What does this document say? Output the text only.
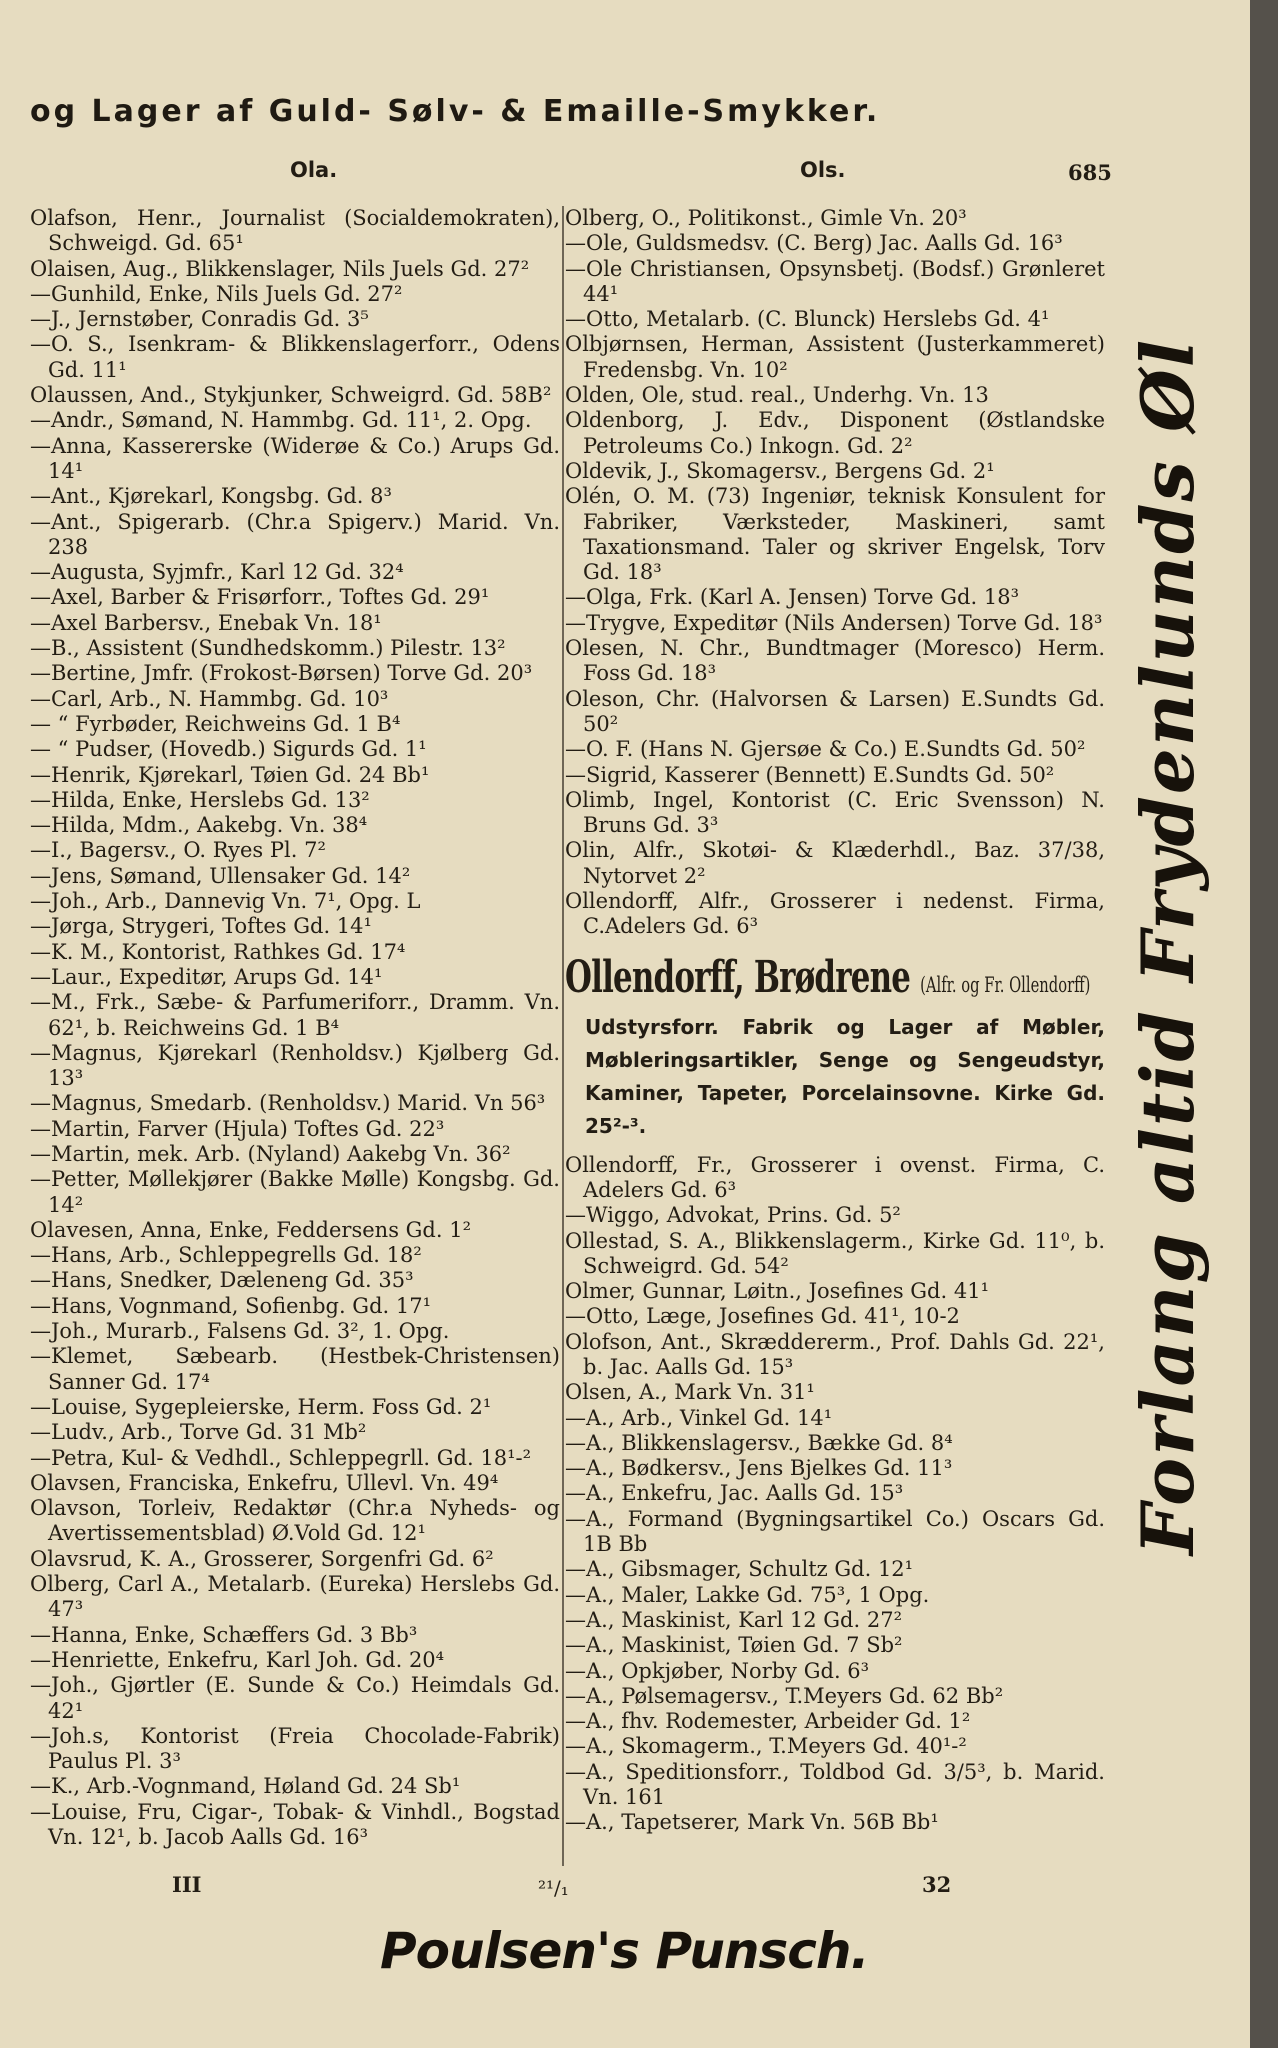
og Lager af Guld- Sølv- & Emaille-Smykker.
Ola.	Ols.	685
Olafson, Henr., Journalist (Socialdemokraten), Schweigd. Gd. 65¹
Olaisen, Aug., Blikkenslager, Nils Juels Gd. 27²
—Gunhild, Enke, Nils Juels Gd. 27²
—J., Jernstøber, Conradis Gd. 3⁵
—O. S., Isenkram- & Blikkenslagerforr., Odens Gd. 11¹
Olaussen, And., Stykjunker, Schweigrd. Gd. 58B²
—Andr., Sømand, N. Hammbg. Gd. 11¹, 2. Opg.
—Anna, Kassererske (Widerøe & Co.) Arups Gd. 14¹
—Ant., Kjørekarl, Kongsbg. Gd. 8³
—Ant., Spigerarb. (Chr.a Spigerv.) Marid. Vn. 238
—Augusta, Syjmfr., Karl 12 Gd. 32⁴
—Axel, Barber & Frisørforr., Toftes Gd. 29¹
—Axel Barbersv., Enebak Vn. 18¹
—B., Assistent (Sundhedskomm.) Pilestr. 13²
—Bertine, Jmfr. (Frokost-Børsen) Torve Gd. 20³
—Carl, Arb., N. Hammbg. Gd. 10³
— “ Fyrbøder, Reichweins Gd. 1 B⁴
— “ Pudser, (Hovedb.) Sigurds Gd. 1¹
—Henrik, Kjørekarl, Tøien Gd. 24 Bb¹
—Hilda, Enke, Herslebs Gd. 13²
—Hilda, Mdm., Aakebg. Vn. 38⁴
—I., Bagersv., O. Ryes Pl. 7²
—Jens, Sømand, Ullensaker Gd. 14²
—Joh., Arb., Dannevig Vn. 7¹, Opg. L
—Jørga, Strygeri, Toftes Gd. 14¹
—K. M., Kontorist, Rathkes Gd. 17⁴
—Laur., Expeditør, Arups Gd. 14¹
—M., Frk., Sæbe- & Parfumeriforr., Dramm. Vn. 62¹, b. Reichweins Gd. 1 B⁴
—Magnus, Kjørekarl (Renholdsv.) Kjølberg Gd. 13³
—Magnus, Smedarb. (Renholdsv.) Marid. Vn 56³
—Martin, Farver (Hjula) Toftes Gd. 22³
—Martin, mek. Arb. (Nyland) Aakebg Vn. 36²
—Petter, Møllekjører (Bakke Mølle) Kongsbg. Gd. 14²
Olavesen, Anna, Enke, Feddersens Gd. 1²
—Hans, Arb., Schleppegrells Gd. 18²
—Hans, Snedker, Dæleneng Gd. 35³
—Hans, Vognmand, Sofienbg. Gd. 17¹
—Joh., Murarb., Falsens Gd. 3², 1. Opg.
—Klemet, Sæbearb. (Hestbek-Christensen) Sanner Gd. 17⁴
—Louise, Sygepleierske, Herm. Foss Gd. 2¹
—Ludv., Arb., Torve Gd. 31 Mb²
—Petra, Kul- & Vedhdl., Schleppegrll. Gd. 18¹-²
Olavsen, Franciska, Enkefru, Ullevl. Vn. 49⁴
Olavson, Torleiv, Redaktør (Chr.a Nyheds- og Avertissementsblad) Ø.Vold Gd. 12¹
Olavsrud, K. A., Grosserer, Sorgenfri Gd. 6²
Olberg, Carl A., Metalarb. (Eureka) Herslebs Gd. 47³
—Hanna, Enke, Schæffers Gd. 3 Bb³
—Henriette, Enkefru, Karl Joh. Gd. 20⁴
—Joh., Gjørtler (E. Sunde & Co.) Heimdals Gd. 42¹
—Joh.s, Kontorist (Freia Chocolade-Fabrik) Paulus Pl. 3³
—K., Arb.-Vognmand, Høland Gd. 24 Sb¹
—Louise, Fru, Cigar-, Tobak- & Vinhdl., Bogstad Vn. 12¹, b. Jacob Aalls Gd. 16³
Olberg, O., Politikonst., Gimle Vn. 20³
—Ole, Guldsmedsv. (C. Berg) Jac. Aalls Gd. 16³
—Ole Christiansen, Opsynsbetj. (Bodsf.) Grønleret 44¹
—Otto, Metalarb. (C. Blunck) Herslebs Gd. 4¹
Olbjørnsen, Herman, Assistent (Justerkammeret) Fredensbg. Vn. 10²
Olden, Ole, stud. real., Underhg. Vn. 13
Oldenborg, J. Edv., Disponent (Østlandske Petroleums Co.) Inkogn. Gd. 2²
Oldevik, J., Skomagersv., Bergens Gd. 2¹
Olén, O. M. (73) Ingeniør, teknisk Konsulent for Fabriker, Værksteder, Maskineri, samt Taxationsmand. Taler og skriver Engelsk, Torv Gd. 18³
—Olga, Frk. (Karl A. Jensen) Torve Gd. 18³
—Trygve, Expeditør (Nils Andersen) Torve Gd. 18³
Olesen, N. Chr., Bundtmager (Moresco) Herm. Foss Gd. 18³
Oleson, Chr. (Halvorsen & Larsen) E.Sundts Gd. 50²
—O. F. (Hans N. Gjersøe & Co.) E.Sundts Gd. 50²
—Sigrid, Kasserer (Bennett) E.Sundts Gd. 50²
Olimb, Ingel, Kontorist (C. Eric Svensson) N. Bruns Gd. 3³
Olin, Alfr., Skotøi- & Klæderhdl., Baz. 37/38, Nytorvet 2²
Ollendorff, Alfr., Grosserer i nedenst. Firma, C.Adelers Gd. 6³
Ollendorff, Brødrene (Alfr. og Fr. Ollendorff)
Udstyrsforr. Fabrik og Lager af Møbler, Møbleringsartikler, Senge og Sengeudstyr, Kaminer, Tapeter, Porcelainsovne. Kirke Gd. 25²-³.
Ollendorff, Fr., Grosserer i ovenst. Firma, C. Adelers Gd. 6³
—Wiggo, Advokat, Prins. Gd. 5²
Ollestad, S. A., Blikkenslagerm., Kirke Gd. 11⁰, b. Schweigrd. Gd. 54²
Olmer, Gunnar, Løitn., Josefines Gd. 41¹
—Otto, Læge, Josefines Gd. 41¹, 10-2
Olofson, Ant., Skræddererm., Prof. Dahls Gd. 22¹, b. Jac. Aalls Gd. 15³
Olsen, A., Mark Vn. 31¹
—A., Arb., Vinkel Gd. 14¹
—A., Blikkenslagersv., Bække Gd. 8⁴
—A., Bødkersv., Jens Bjelkes Gd. 11³
—A., Enkefru, Jac. Aalls Gd. 15³
—A., Formand (Bygningsartikel Co.) Oscars Gd. 1B Bb
—A., Gibsmager, Schultz Gd. 12¹
—A., Maler, Lakke Gd. 75³, 1 Opg.
—A., Maskinist, Karl 12 Gd. 27²
—A., Maskinist, Tøien Gd. 7 Sb²
—A., Opkjøber, Norby Gd. 6³
—A., Pølsemagersv., T.Meyers Gd. 62 Bb²
—A., fhv. Rodemester, Arbeider Gd. 1²
—A., Skomagerm., T.Meyers Gd. 40¹-²
—A., Speditionsforr., Toldbod Gd. 3/5³, b. Marid. Vn. 161
—A., Tapetserer, Mark Vn. 56B Bb¹
Forlang altid Frydenlunds Øl
III	²¹/₁	32
Poulsen's Punsch.
